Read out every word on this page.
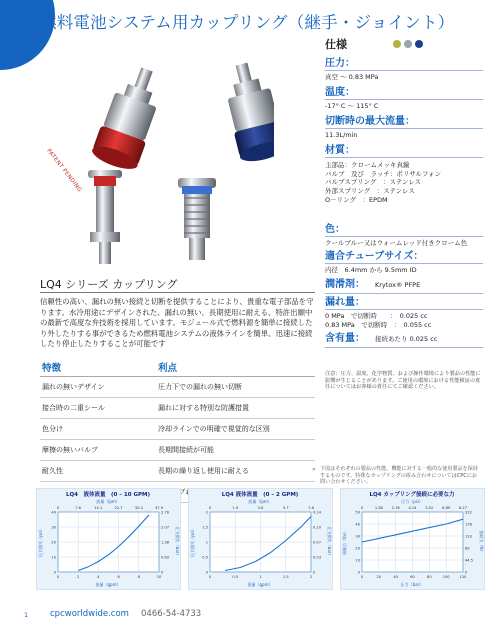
燃料電池システム用カップリング（継手・ジョイント）
PATENT PENDING
仕様
圧力：
真空 ～ 0.83 MPa
温度：
-17° C ～ 115° C
切断時の最大流量：
11.3L/min
材質：
主部品：クロームメッキ真鍮
バルブ　及び　ラッチ：ポリサルフォン
バルブスプリング　：ステンレス
外部スプリング　：ステンレス
O－リング　：EPDM
色：
クールブルー又はウォームレッド付きクローム色
適合チューブサイズ：
内径　6.4mm から 9.5mm ID
潤滑剤： Krytox® PFPE
漏れ量：
0 MPa　で切断時　　：　0.025 cc
0.83 MPa　で切断時　：　0.055 cc
含有量： 接続あたり 0.025 cc
注意：圧力、温度、化学物質、および操作環境により製品の性能に影響が生じることがあります。ご使用の環境における性能検証の責任についてはお客様の責任にてご確認ください。
LQ4 シリーズ カップリング
信頼性の高い、漏れの無い接続と切断を提供することにより、貴重な電子部品を守ります。水冷用途にデザインされた、漏れの無い、長期使用に耐える、特許出願中の最新で高度な弁技術を採用しています。モジュール式で燃料源を簡単に接続したり外したりする事ができるため燃料電池システムの液体ラインを簡単、迅速に接続したり停止したりすることが可能です
特徴	利点
漏れの無いデザイン	圧力下での漏れの無い切断
接合時の二重シール	漏れに対する特別な防護措置
色分け	冷却ラインでの明確で視覚的な区別
摩擦の無いバルブ	長期間接続が可能
耐久性	長期の繰り返し使用に耐える	» 下図はそれぞれの製品の性能、機能に対する一般的な使用製品を保持するものです。特殊なカップリングの組み合わせについてはCPCにお問い合わせください。
LQ4　液体流量　(0 – 10 GPM)
流量（lpm）
流量（gpm）
圧力損失（psi）	圧力損失（bar）
0
0
2
7.6
4
15.1
6
22.7
8
30.3
10
37.9
0	0
10	0.69
20	1.38
30	2.07
40	2.76
LQ4 液体流量　(0 – 2 GPM)
流量（lpm）
流量（gpm）
圧力損失（psi）	圧力損失（bar）
0
0
0.5
1.9
1
3.8
1.5
5.7
2
7.6
0	0
0.5	0.03
1	0.07
1.5	0.10
2	0.14
LQ4 カップリング接続に必要な力
圧力（psi）
圧力（bar）
接続力（lbs）	接続力（N）
0
0
20
1.38
40
2.76
60
4.14
80
5.52
100
6.89
120
8.27
0	0
10	44.5
20	89
30	133
40	178
50	222
1	cpcworldwide.com 0466-54-4733
